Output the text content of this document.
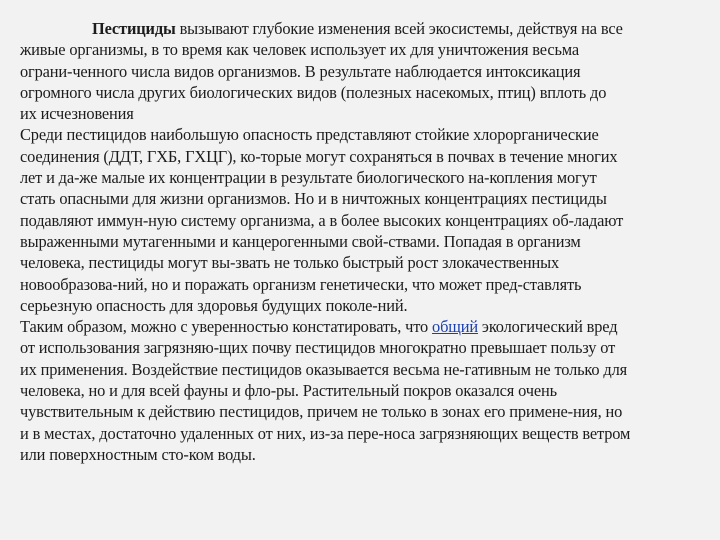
Пестициды вызывают глубокие изменения всей экосистемы, действуя на все
живые организмы, в то время как человек использует их для уничтожения весьма
ограни-ченного числа видов организмов. В результате наблюдается интоксикация
огромного числа других биологических видов (полезных насекомых, птиц) вплоть до
их исчезновения
Среди пестицидов наибольшую опасность представляют стойкие хлорорганические
соединения (ДДТ, ГХБ, ГХЦГ), ко-торые могут сохраняться в почвах в течение многих
лет и да-же малые их концентрации в результате биологического на-копления могут
стать опасными для жизни организмов. Но и в ничтожных концентрациях пестициды
подавляют иммун-ную систему организма, а в более высоких концентрациях об-ладают
выраженными мутагенными и канцерогенными свой-ствами. Попадая в организм
человека, пестициды могут вы-звать не только быстрый рост злокачественных
новообразова-ний, но и поражать организм генетически, что может пред-ставлять
серьезную опасность для здоровья будущих поколе-ний.
Таким образом, можно с уверенностью констатировать, что общий экологический вред
от использования загрязняю-щих почву пестицидов многократно превышает пользу от
их применения. Воздействие пестицидов оказывается весьма не-гативным не только для
человека, но и для всей фауны и фло-ры. Растительный покров оказался очень
чувствительным к действию пестицидов, причем не только в зонах его примене-ния, но
и в местах, достаточно удаленных от них, из-за пере-носа загрязняющих веществ ветром
или поверхностным сто-ком воды.
